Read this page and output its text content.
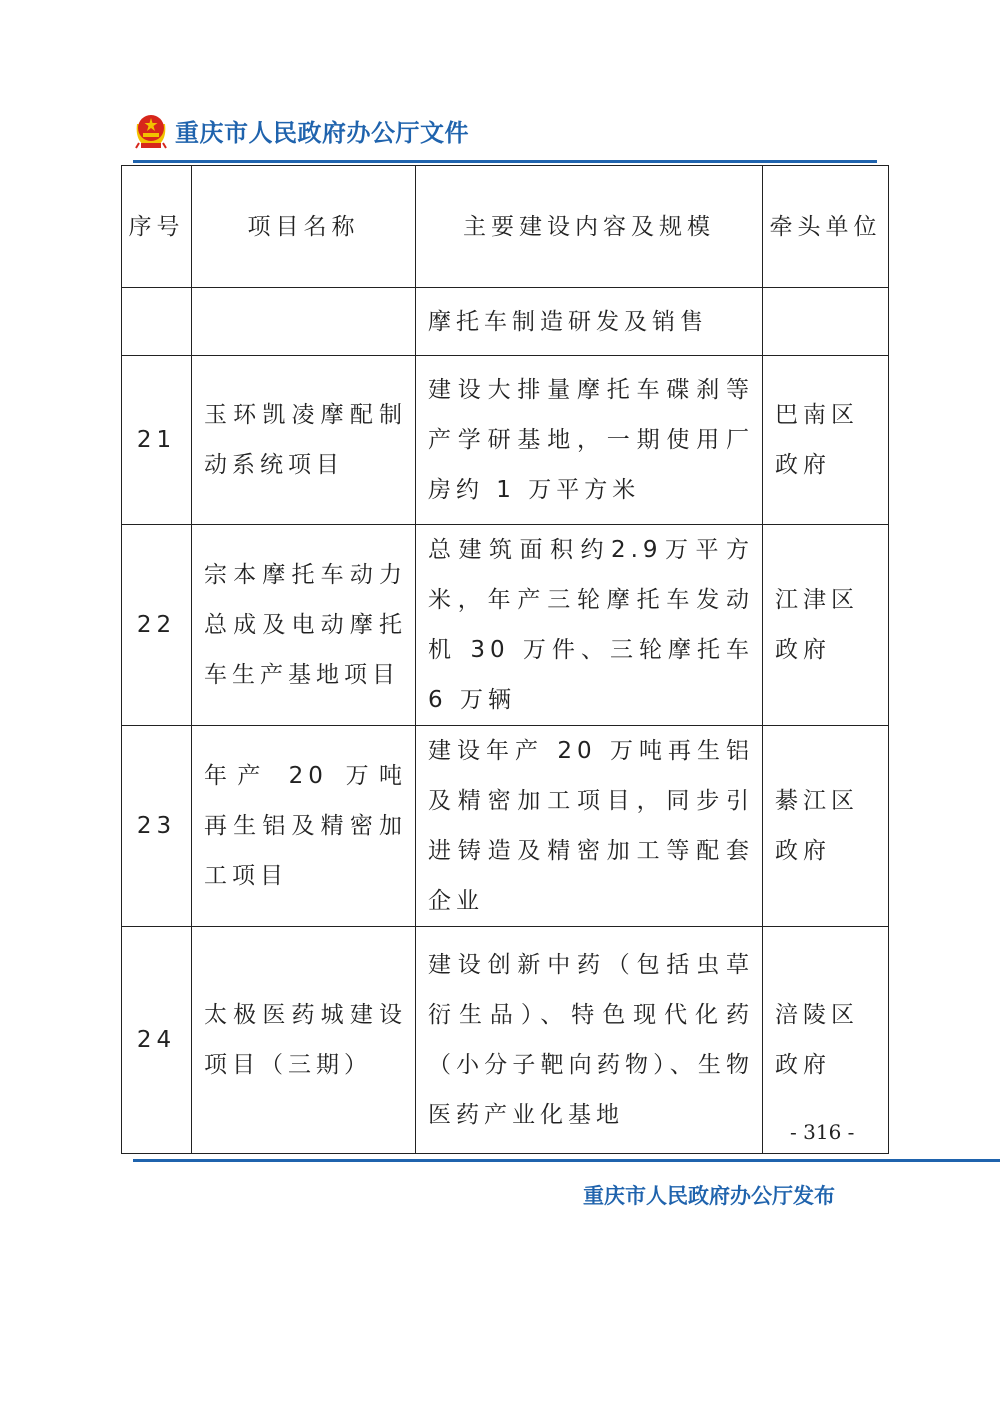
重庆市人民政府办公厅文件
序号	项目名称	主要建设内容及规模	牵头单位
		摩托车制造研发及销售	
21	玉环凯凌摩配制动系统项目	建设大排量摩托车碟刹等产学研基地，一期使用厂房约 1 万平方米	巴南区政府
22	宗本摩托车动力总成及电动摩托车生产基地项目	总建筑面积约2.9万平方米，年产三轮摩托车发动机 30 万件、三轮摩托车 6 万辆	江津区政府
23	年产 20 万吨再生铝及精密加工项目	建设年产 20 万吨再生铝及精密加工项目，同步引进铸造及精密加工等配套企业	綦江区政府
24	太极医药城建设项目（三期）	建设创新中药（包括虫草衍生品）、特色现代化药（小分子靶向药物）、生物医药产业化基地	涪陵区政府
- 316 -
重庆市人民政府办公厅发布
